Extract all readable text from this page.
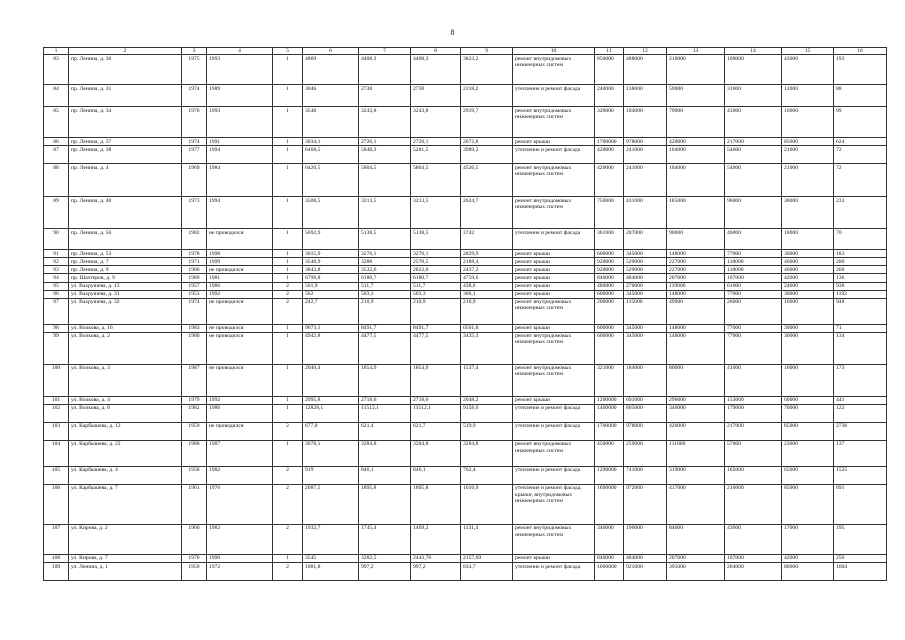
8
1	2	3	4	5	6	7	8	9	10	11	12	13	14	15	16
83	пр. Ленина, д. 30	1975	1993	1	4869	4408,3	4408,3	3823,2	ремонт внутридомовых инженерных систем	850000	488000	210000	109000	43000	193
84	пр. Ленина, д. 31	1974	1989	1	3046	2738	2738	2318,2	утепление и ремонт фасада	240000	138000	59000	31000	12000	88
85	пр. Ленина, д. 34	1976	1993	1	3548	3243,8	3243,8	2919,7	ремонт внутридомовых инженерных систем	320000	184000	79000	41000	16000	99
86	пр. Ленина, д. 37	1974	1991	1	3034,1	2726,1	2726,1	2072,8	ремонт крыши	1700000	978000	420000	217000	85000	624
87	пр. Ленина, д. 38	1977	1994	1	6468,5	5848,3	5281,5	3989,2	утепление и ремонт фасада	420000	241000	104000	54000	21000	72
88	пр. Ленина, д. 4	1969	1984	1	6420,5	5804,5	5804,5	4526,5	ремонт внутридомовых инженерных систем	420000	241000	104000	54000	21000	72
89	пр. Ленина, д. 40	1973	1994	1	3508,5	3213,5	3213,5	2624,7	ремонт внутридомовых инженерных систем	750000	431000	185000	96000	38000	233
90	пр. Ленина, д. 56	1982	не проводился	1	5692,9	5138,5	5138,5	3742	утепление и ремонт фасада	361000	207000	90000	46000	18000	70
91	пр. Ленина, д. 53	1978	1998	1	3615,9	3276,1	3276,1	2829,9	ремонт крыши	600000	345000	148000	77000	30000	183
92	пр. Ленина, д. 7	1971	1999	1	3548,9	3288	2570,5	2188,4	ремонт крыши	920000	529000	227000	118000	46000	280
93	пр. Ленина, д. 9	1966	не проводился	1	3842,8	3532,6	2822,6	2437,2	ремонт крыши	920000	529000	227000	118000	46000	260
94	пр. Шахтеров, д. 9	1989	1981	1	6799,8	6180,7	6180,7	4759,6	ремонт крыши	840000	484000	207000	107000	42000	136
95	ул. Вахрушева, д. 13	1957	1986	2	561,9	511,7	511,7	438,6	ремонт крыши	480000	276000	119000	61000	24000	938
96	ул. Вахрушева, д. 31	1953	1992	2	562	503,3	503,3	306,1	ремонт крыши	600000	345000	148000	77000	30000	1192
97	ул. Вахрушева, д. 32	1974	не проводился	2	242,7	210,9	210,9	210,9	ремонт внутридомовых инженерных систем	200000	115000	49000	26000	10000	948
98	ул. Волкова, д. 16	1983	не проводился	1	9673,1	8491,7	8491,7	6501,8	ремонт крыши	600000	345000	148000	77000	30000	71
99	ул. Волкова, д. 2	1980	не проводился	1	4942,8	4477,5	4477,5	3435,3	ремонт внутридомовых инженерных систем	600000	345000	148000	77000	30000	134
100	ул. Волкова, д. 3	1987	не проводился	1	2040,4	1854,9	1854,9	1537,4	ремонт внутридомовых инженерных систем	321000	184000	80000	41000	16000	173
101	ул. Волкова, д. 4	1979	1992	1	2995,8	2718,6	2718,6	2048,2	ремонт крыши	1200000	691000	296000	153000	60000	441
102	ул. Волкова, д. 8	1982	1986	1	12828,1	11512,1	11512,1	9158,6	утепление и ремонт фасада	1400000	805000	346000	179000	70000	122
103	ул. Карбышева, д. 12	1959	не проводился	2	677,8	621,4	621,7	519,9	утепление и ремонт фасада	1700000	978000	420000	217000	85000	2736
104	ул. Карбышева, д. 22	1988	1987	1	3678,1	3284,8	3284,8	3284,8	ремонт внутридомовых инженерных систем	450000	259000	111000	57000	23000	137
105	ул. Карбышева, д. 4	1958	1982	2	919	846,1	846,1	762,4	утепление и ремонт фасада	1290000	741000	319000	165000	65000	1525
106	ул. Карбышева, д. 7	1961	1976	2	2087,5	1895,8	1895,8	1616,9	утепление и ремонт фасада, крыши, внутридомовых инженерных систем	1690000	972000	417000	216000	85000	891
107	ул. Кирова, д. 2	1960	1982	2	1932,7	1745,4	1469,2	1131,4	ремонт внутридомовых инженерных систем	340000	196000	84000	43000	17000	195
108	ул. Кирова, д. 7	1970	1990	1	3545	3282,5	2443,76	2157,69	ремонт крыши	840000	484000	207000	107000	42000	256
109	ул. Ленина, д. 1	1959	1972	2	1081,8	997,2	997,2	834,7	утепление и ремонт фасада	1600000	921000	395000	204000	80000	1604
